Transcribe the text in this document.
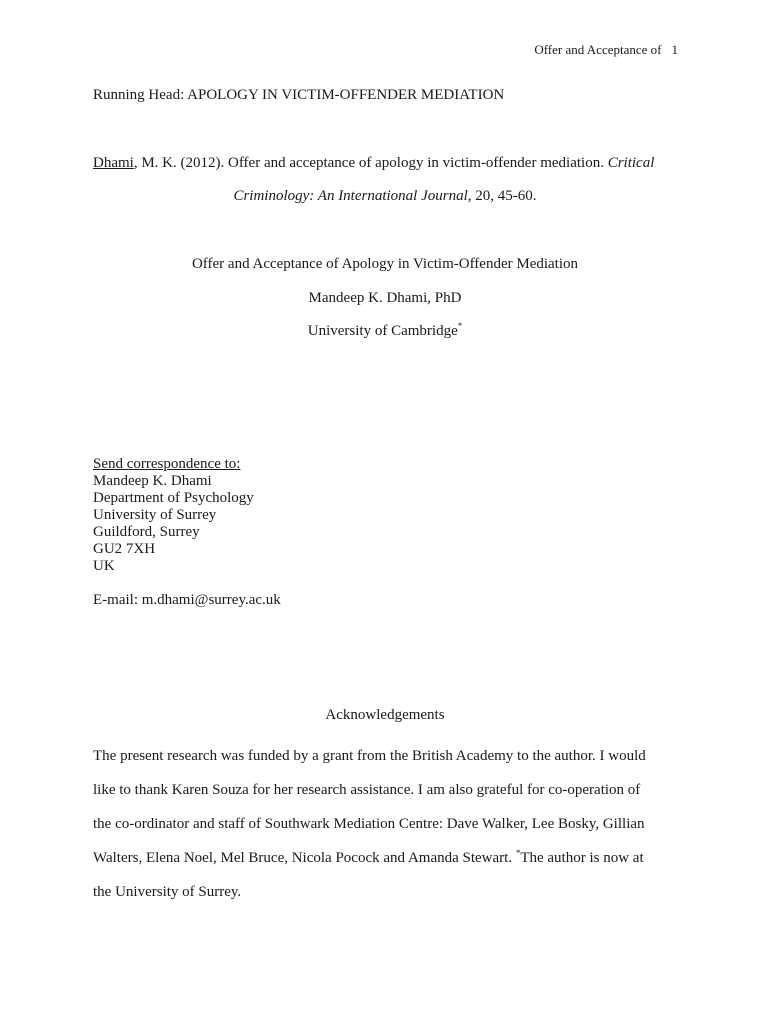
Offer and Acceptance of 1
Running Head: APOLOGY IN VICTIM-OFFENDER MEDIATION
Dhami, M. K. (2012). Offer and acceptance of apology in victim-offender mediation. Critical
Criminology: An International Journal, 20, 45-60.
Offer and Acceptance of Apology in Victim-Offender Mediation
Mandeep K. Dhami, PhD
University of Cambridge*
Send correspondence to:
Mandeep K. Dhami
Department of Psychology
University of Surrey
Guildford, Surrey
GU2 7XH
UK
E-mail: m.dhami@surrey.ac.uk
Acknowledgements
The present research was funded by a grant from the British Academy to the author. I would
like to thank Karen Souza for her research assistance. I am also grateful for co-operation of
the co-ordinator and staff of Southwark Mediation Centre: Dave Walker, Lee Bosky, Gillian
Walters, Elena Noel, Mel Bruce, Nicola Pocock and Amanda Stewart. *The author is now at
the University of Surrey.
